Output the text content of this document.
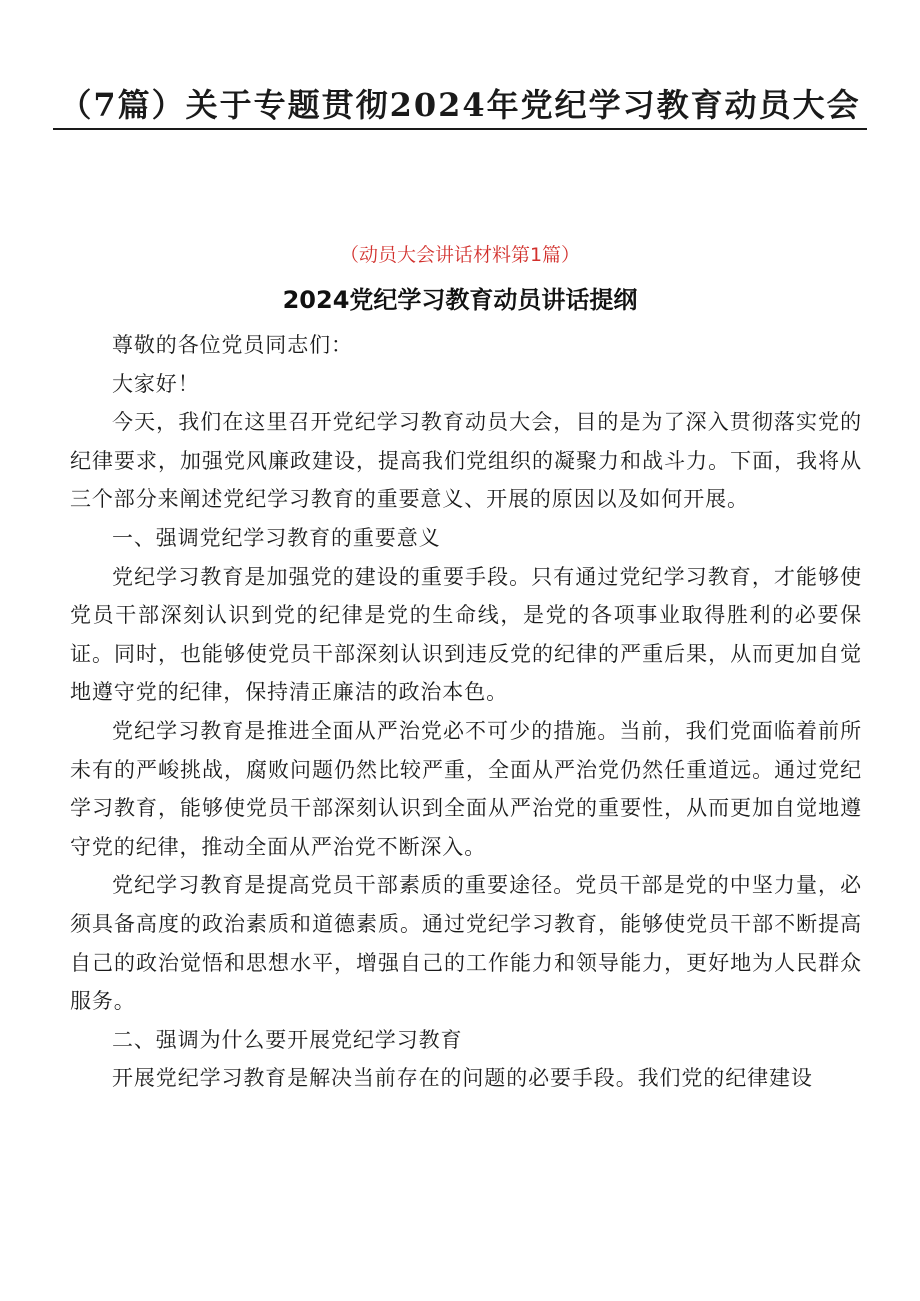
（7篇）关于专题贯彻2024年党纪学习教育动员大会

（动员大会讲话材料第1篇）

2024党纪学习教育动员讲话提纲

尊敬的各位党员同志们：

大家好！

今天，我们在这里召开党纪学习教育动员大会，目的是为了深入贯彻落实党的纪律要求，加强党风廉政建设，提高我们党组织的凝聚力和战斗力。下面，我将从三个部分来阐述党纪学习教育的重要意义、开展的原因以及如何开展。

一、强调党纪学习教育的重要意义

党纪学习教育是加强党的建设的重要手段。只有通过党纪学习教育，才能够使党员干部深刻认识到党的纪律是党的生命线，是党的各项事业取得胜利的必要保证。同时，也能够使党员干部深刻认识到违反党的纪律的严重后果，从而更加自觉地遵守党的纪律，保持清正廉洁的政治本色。

党纪学习教育是推进全面从严治党必不可少的措施。当前，我们党面临着前所未有的严峻挑战，腐败问题仍然比较严重，全面从严治党仍然任重道远。通过党纪学习教育，能够使党员干部深刻认识到全面从严治党的重要性，从而更加自觉地遵守党的纪律，推动全面从严治党不断深入。

党纪学习教育是提高党员干部素质的重要途径。党员干部是党的中坚力量，必须具备高度的政治素质和道德素质。通过党纪学习教育，能够使党员干部不断提高自己的政治觉悟和思想水平，增强自己的工作能力和领导能力，更好地为人民群众服务。

二、强调为什么要开展党纪学习教育

开展党纪学习教育是解决当前存在的问题的必要手段。我们党的纪律建设
